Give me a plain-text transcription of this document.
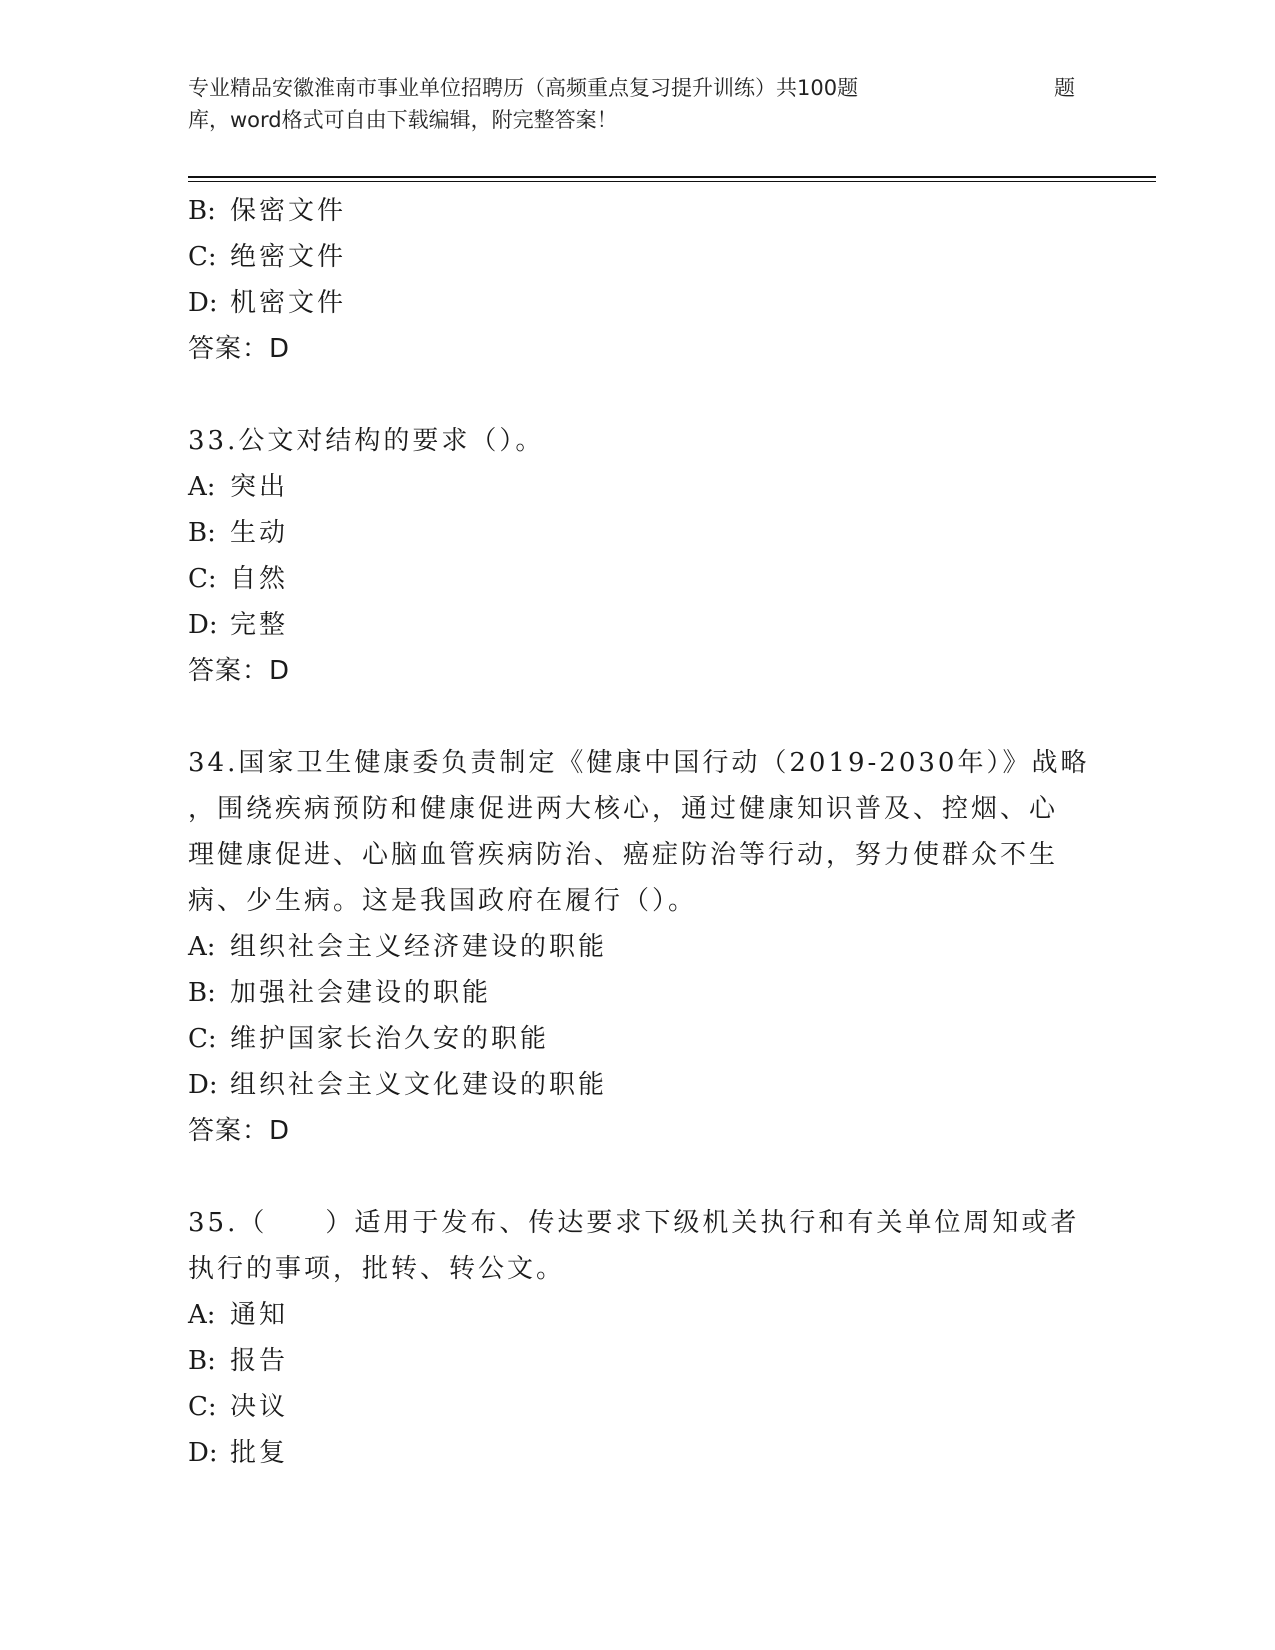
专业精品安徽淮南市事业单位招聘历（高频重点复习提升训练）共100题	题
库，word格式可自由下载编辑，附完整答案！
B: 保密文件
C: 绝密文件
D: 机密文件
答案：D
33.公文对结构的要求（）。
A: 突出
B: 生动
C: 自然
D: 完整
答案：D
34.国家卫生健康委负责制定《健康中国行动（2019-2030年）》战略
，围绕疾病预防和健康促进两大核心，通过健康知识普及、控烟、心
理健康促进、心脑血管疾病防治、癌症防治等行动，努力使群众不生
病、少生病。这是我国政府在履行（）。
A: 组织社会主义经济建设的职能
B: 加强社会建设的职能
C: 维护国家长治久安的职能
D: 组织社会主义文化建设的职能
答案：D
35.（　　）适用于发布、传达要求下级机关执行和有关单位周知或者
执行的事项，批转、转公文。
A: 通知
B: 报告
C: 决议
D: 批复
